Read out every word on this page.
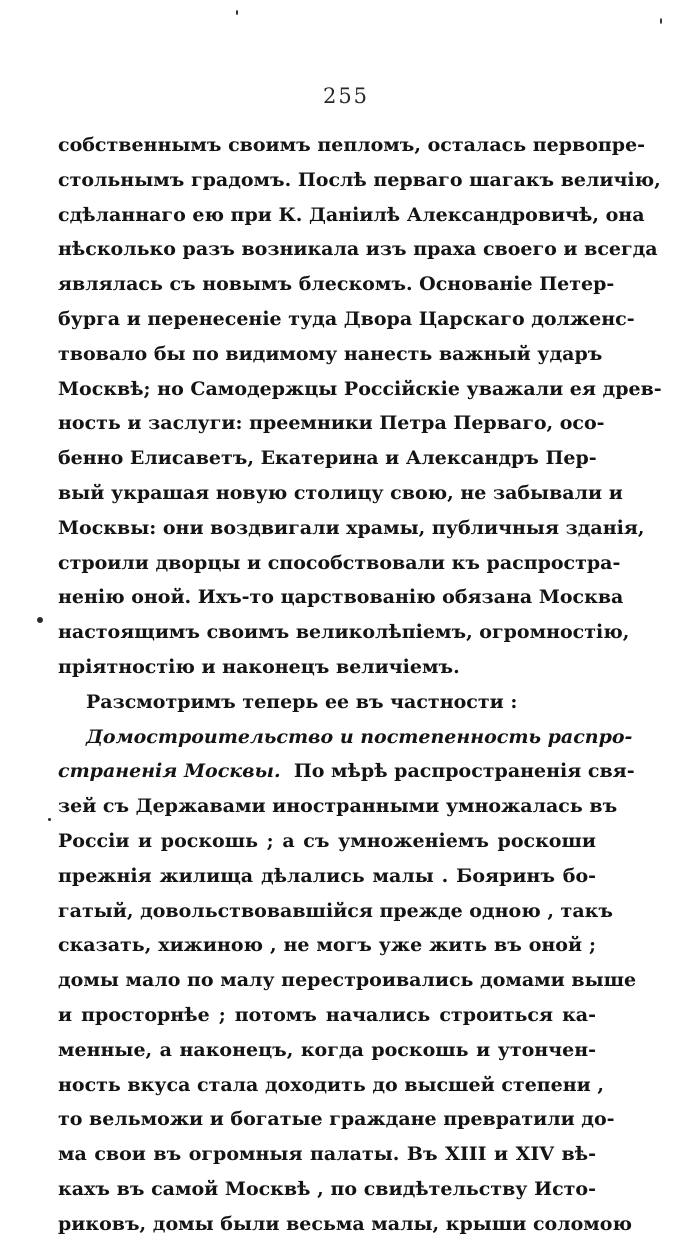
255
собственнымъ своимъ пепломъ, осталась первопре-
стольнымъ градомъ. Послѣ перваго шагакъ величію,
сдѣланнаго ею при К. Даніилѣ Александровичѣ, она
нѣсколько разъ возникала изъ праха своего и всегда
являлась съ новымъ блескомъ. Основаніе Петер-
бурга и перенесеніе туда Двора Царскаго долженс-
твовало бы по видимому нанесть важный ударъ
Москвѣ; но Самодержцы Россійскіе уважали ея древ-
ность и заслуги: преемники Петра Перваго, осо-
бенно Елисаветъ, Екатерина и Александръ Пер-
вый украшая новую столицу свою, не забывали и
Москвы: они воздвигали храмы, публичныя зданія,
строили дворцы и способствовали къ распростра-
ненію оной. Ихъ-то царствованію обязана Москва
настоящимъ своимъ великолѣпіемъ, огромностію,
пріятностію и наконецъ величіемъ.
Разсмотримъ теперь ее въ частности :
Домостроительство и постепенность распро-
страненія Москвы. По мѣрѣ распространенія свя-
зей съ Державами иностранными умножалась въ
Россіи и роскошь ; а съ умноженіемъ роскоши
прежнія жилища дѣлались малы . Бояринъ бо-
гатый, довольствовавшійся прежде одною , такъ
сказать, хижиною , не могъ уже жить въ оной ;
домы мало по малу перестроивались домами выше
и просторнѣе ; потомъ начались строиться ка-
менные, а наконецъ, когда роскошь и утончен-
ность вкуса стала доходить до высшей степени ,
то вельможи и богатые граждане превратили до-
ма свои въ огромныя палаты. Въ XIII и XIV вѣ-
кахъ въ самой Москвѣ , по свидѣтельству Исто-
риковъ, домы были весьма малы, крыши соломою
